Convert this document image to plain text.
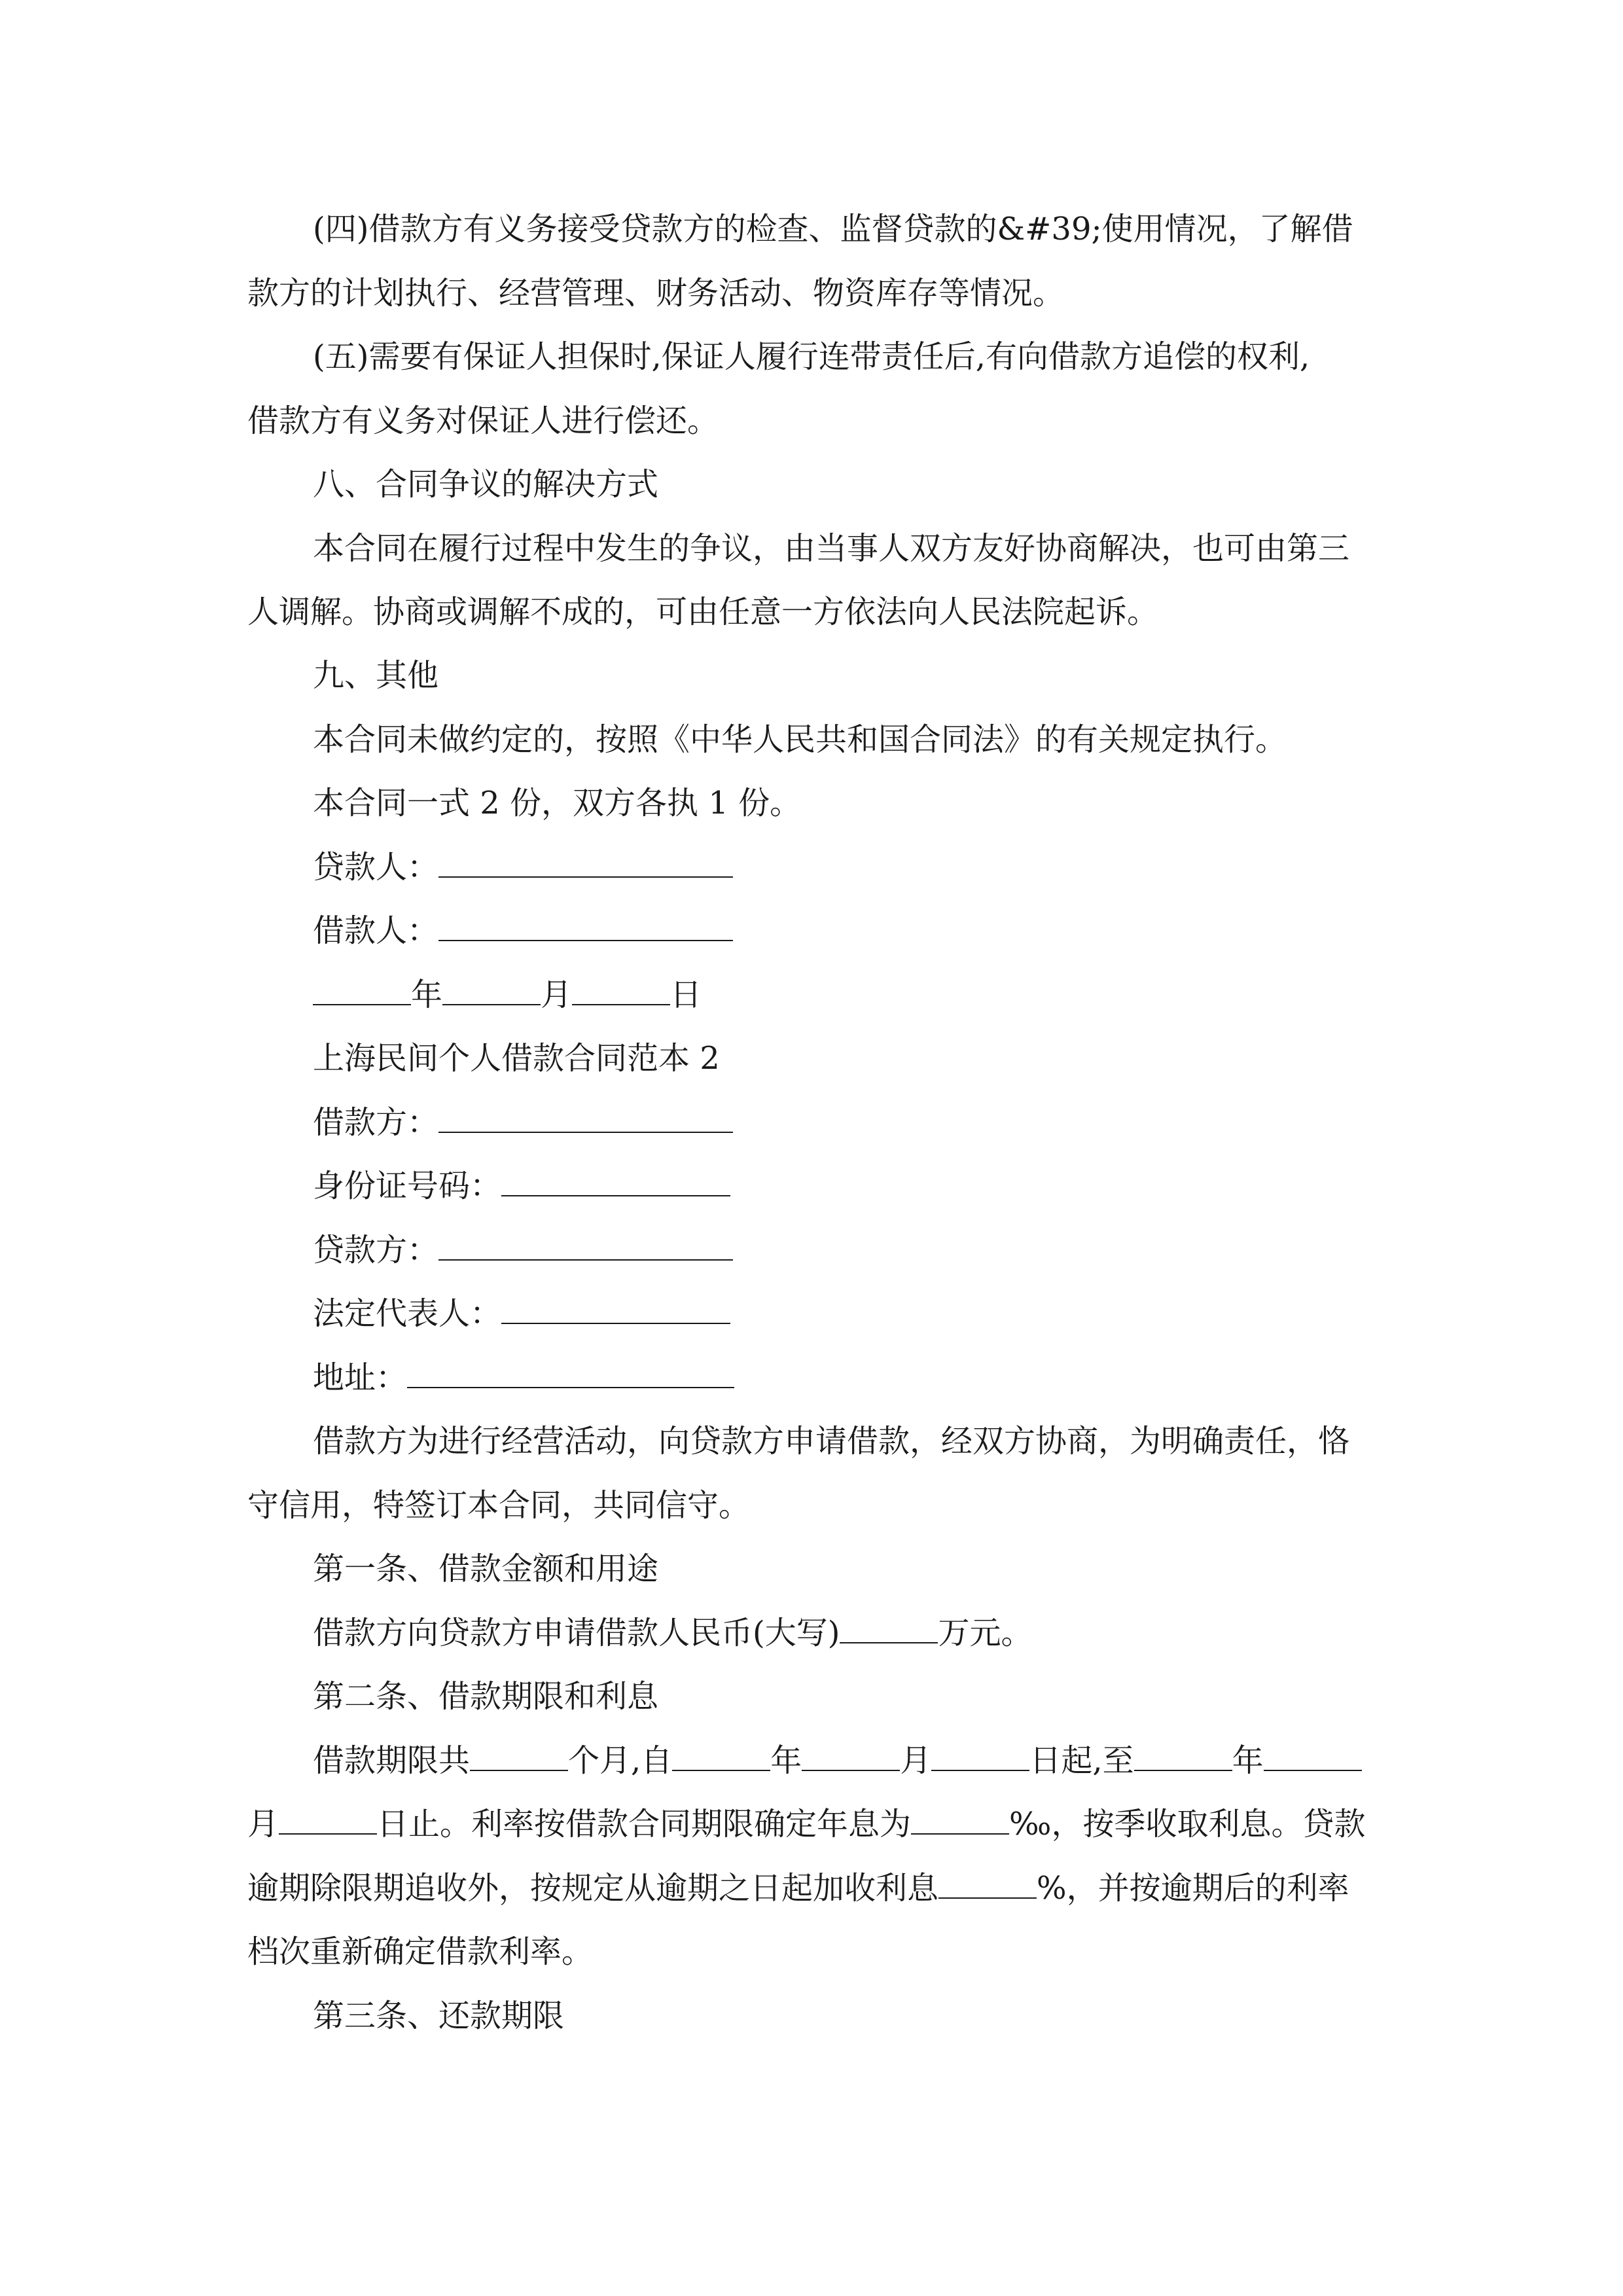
(四)借款方有义务接受贷款方的检查、监督贷款的&#39;使用情况，了解借
款方的计划执行、经营管理、财务活动、物资库存等情况。
(五)需要有保证人担保时,保证人履行连带责任后,有向借款方追偿的权利,
借款方有义务对保证人进行偿还。
八、合同争议的解决方式
本合同在履行过程中发生的争议，由当事人双方友好协商解决，也可由第三
人调解。协商或调解不成的，可由任意一方依法向人民法院起诉。
九、其他
本合同未做约定的，按照《中华人民共和国合同法》的有关规定执行。
本合同一式 2 份，双方各执 1 份。
贷款人：
借款人：
年	月	日
上海民间个人借款合同范本 2
借款方：
身份证号码：
贷款方：
法定代表人：
地址：
借款方为进行经营活动，向贷款方申请借款，经双方协商，为明确责任，恪
守信用，特签订本合同，共同信守。
第一条、借款金额和用途
借款方向贷款方申请借款人民币(大写)	万元。
第二条、借款期限和利息
借款期限共	个月,自	年	月	日起,至	年
月	日止。利率按借款合同期限确定年息为	‰，按季收取利息。贷款
逾期除限期追收外，按规定从逾期之日起加收利息	%，并按逾期后的利率
档次重新确定借款利率。
第三条、还款期限
